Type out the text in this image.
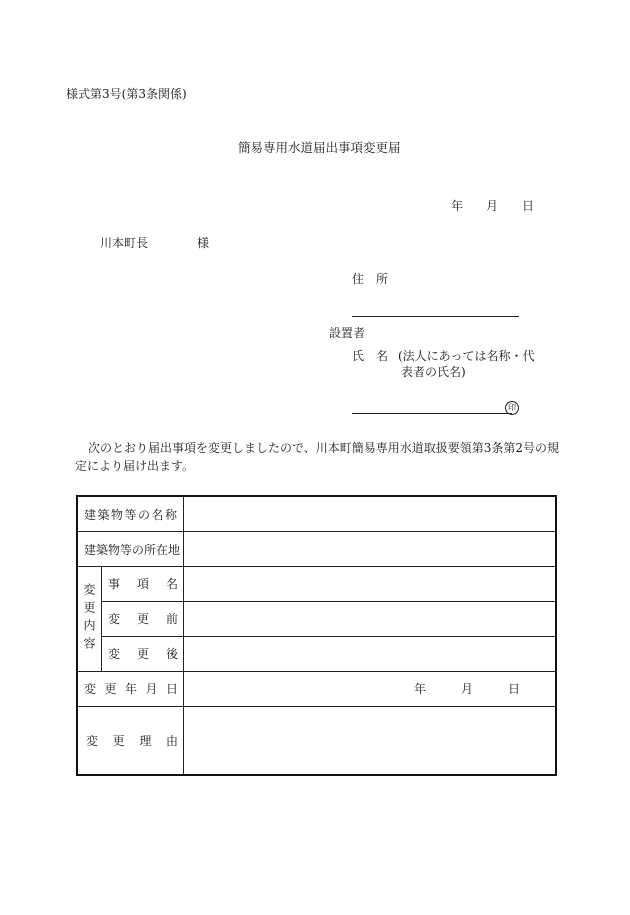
様式第3号(第3条関係)
簡易専用水道届出事項変更届
年 月 日
川本町長	様
住　所
設置者
氏　名 (法人にあっては名称・代
表者の氏名)
印
次のとおり届出事項を変更しましたので、川本町簡易専用水道取扱要領第3条第2号の規
定により届け出ます。
建築物等の名称
建築物等の所在地
変更内容	事 項 名
変 更 前
変 更 後
変 更 年 月 日	年	月	日
変 更 理 由
